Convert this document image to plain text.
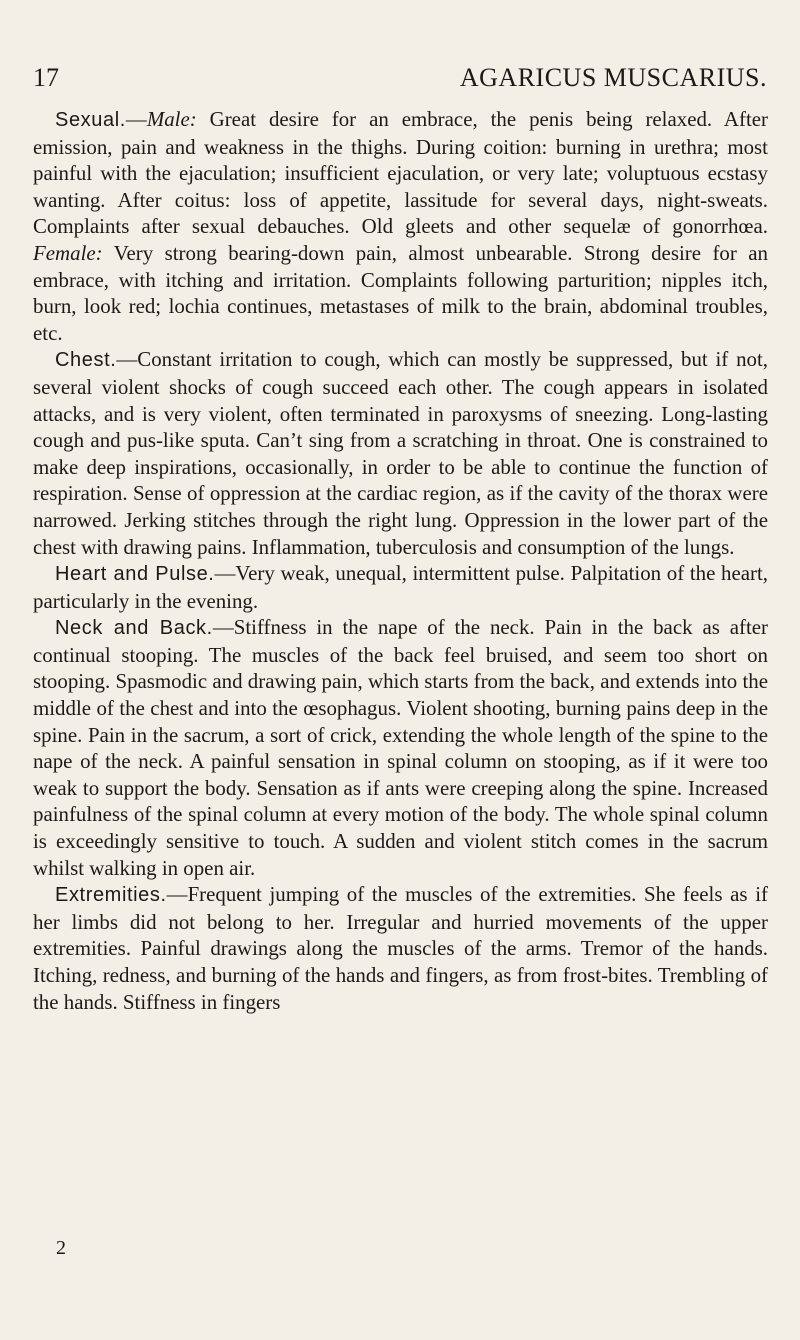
17	AGARICUS MUSCARIUS.

Sexual.—Male: Great desire for an embrace, the penis being relaxed. After emission, pain and weakness in the thighs. During coition: burning in urethra; most painful with the ejaculation; insufficient ejaculation, or very late; voluptuous ecstasy wanting. After coitus: loss of appetite, lassitude for several days, night-sweats. Complaints after sexual debauches. Old gleets and other sequelæ of gonorrhœa. Female: Very strong bearing-down pain, almost unbearable. Strong desire for an embrace, with itching and irritation. Complaints following parturition; nipples itch, burn, look red; lochia continues, metastases of milk to the brain, abdominal troubles, etc.

Chest.—Constant irritation to cough, which can mostly be suppressed, but if not, several violent shocks of cough succeed each other. The cough appears in isolated attacks, and is very violent, often terminated in paroxysms of sneezing. Long-lasting cough and pus-like sputa. Can’t sing from a scratching in throat. One is constrained to make deep inspirations, occasionally, in order to be able to continue the function of respiration. Sense of oppression at the cardiac region, as if the cavity of the thorax were narrowed. Jerking stitches through the right lung. Oppression in the lower part of the chest with drawing pains. Inflammation, tuberculosis and consumption of the lungs.

Heart and Pulse.—Very weak, unequal, intermittent pulse. Palpitation of the heart, particularly in the evening.

Neck and Back.—Stiffness in the nape of the neck. Pain in the back as after continual stooping. The muscles of the back feel bruised, and seem too short on stooping. Spasmodic and drawing pain, which starts from the back, and extends into the middle of the chest and into the œsophagus. Violent shooting, burning pains deep in the spine. Pain in the sacrum, a sort of crick, extending the whole length of the spine to the nape of the neck. A painful sensation in spinal column on stooping, as if it were too weak to support the body. Sensation as if ants were creeping along the spine. Increased painfulness of the spinal column at every motion of the body. The whole spinal column is exceedingly sensitive to touch. A sudden and violent stitch comes in the sacrum whilst walking in open air.

Extremities.—Frequent jumping of the muscles of the extremities. She feels as if her limbs did not belong to her. Irregular and hurried movements of the upper extremities. Painful drawings along the muscles of the arms. Tremor of the hands. Itching, redness, and burning of the hands and fingers, as from frost-bites. Trembling of the hands. Stiffness in fingers

2
